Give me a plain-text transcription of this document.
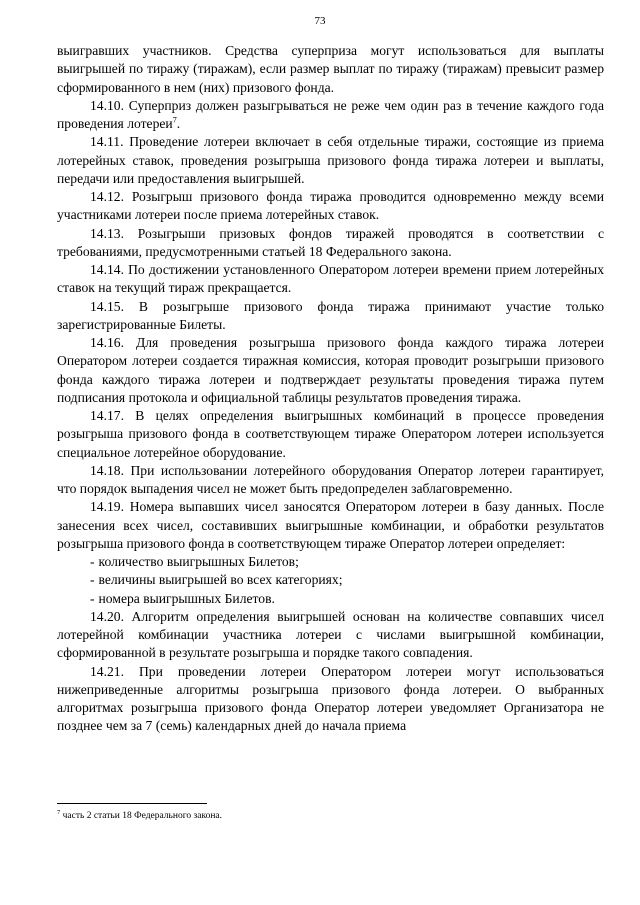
73

выигравших участников. Средства суперприза могут использоваться для выплаты выигрышей по тиражу (тиражам), если размер выплат по тиражу (тиражам) превысит размер сформированного в нем (них) призового фонда.

14.10. Суперприз должен разыгрываться не реже чем один раз в течение каждого года проведения лотереи$^7$.

14.11. Проведение лотереи включает в себя отдельные тиражи, состоящие из приема лотерейных ставок, проведения розыгрыша призового фонда тиража лотереи и выплаты, передачи или предоставления выигрышей.

14.12. Розыгрыш призового фонда тиража проводится одновременно между всеми участниками лотереи после приема лотерейных ставок.

14.13. Розыгрыши призовых фондов тиражей проводятся в соответствии с требованиями, предусмотренными статьей 18 Федерального закона.

14.14. По достижении установленного Оператором лотереи времени прием лотерейных ставок на текущий тираж прекращается.

14.15. В розыгрыше призового фонда тиража принимают участие только зарегистрированные Билеты.

14.16. Для проведения розыгрыша призового фонда каждого тиража лотереи Оператором лотереи создается тиражная комиссия, которая проводит розыгрыши призового фонда каждого тиража лотереи и подтверждает результаты проведения тиража путем подписания протокола и официальной таблицы результатов проведения тиража.

14.17. В целях определения выигрышных комбинаций в процессе проведения розыгрыша призового фонда в соответствующем тираже Оператором лотереи используется специальное лотерейное оборудование.

14.18. При использовании лотерейного оборудования Оператор лотереи гарантирует, что порядок выпадения чисел не может быть предопределен заблаговременно.

14.19. Номера выпавших чисел заносятся Оператором лотереи в базу данных. После занесения всех чисел, составивших выигрышные комбинации, и обработки результатов розыгрыша призового фонда в соответствующем тираже Оператор лотереи определяет:

- количество выигрышных Билетов;

- величины выигрышей во всех категориях;

- номера выигрышных Билетов.

14.20. Алгоритм определения выигрышей основан на количестве совпавших чисел лотерейной комбинации участника лотереи с числами выигрышной комбинации, сформированной в результате розыгрыша и порядке такого совпадения.

14.21. При проведении лотереи Оператором лотереи могут использоваться нижеприведенные алгоритмы розыгрыша призового фонда лотереи. О выбранных алгоритмах розыгрыша призового фонда Оператор лотереи уведомляет Организатора не позднее чем за 7 (семь) календарных дней до начала приема

$^7$ часть 2 статьи 18 Федерального закона.
